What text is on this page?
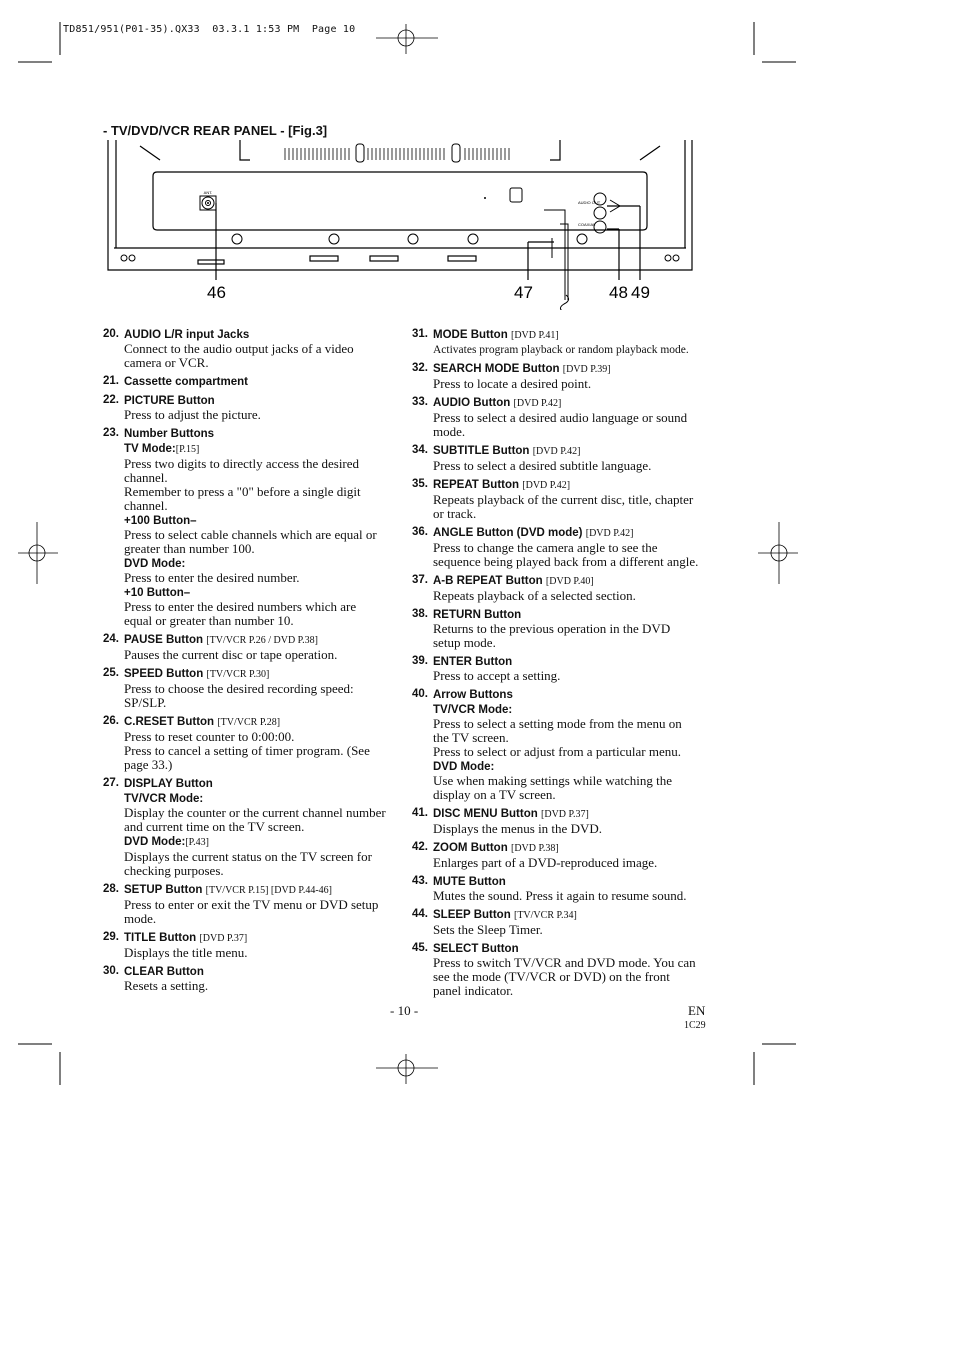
TD851/951(P01-35).QX33  03.3.1 1:53 PM  Page 10
- TV/DVD/VCR REAR PANEL - [Fig.3]
ANT.
AUDIO OUT
COAXIAL
46	47	48 49
20. AUDIO L/R input Jacks
Connect to the audio output jacks of a video
camera or VCR.
21. Cassette compartment
22. PICTURE Button
Press to adjust the picture.
23. Number Buttons
TV Mode:[P.15]
Press two digits to directly access the desired
channel.
Remember to press a "0" before a single digit
channel.
+100 Button–
Press to select cable channels which are equal or
greater than number 100.
DVD Mode:
Press to enter the desired number.
+10 Button–
Press to enter the desired numbers which are
equal or greater than number 10.
24. PAUSE Button [TV/VCR P.26 / DVD P.38]
Pauses the current disc or tape operation.
25. SPEED Button [TV/VCR P.30]
Press to choose the desired recording speed:
SP/SLP.
26. C.RESET Button [TV/VCR P.28]
Press to reset counter to 0:00:00.
Press to cancel a setting of timer program. (See
page 33.)
27. DISPLAY Button
TV/VCR Mode:
Display the counter or the current channel number
and current time on the TV screen.
DVD Mode:[P.43]
Displays the current status on the TV screen for
checking purposes.
28. SETUP Button [TV/VCR P.15] [DVD P.44-46]
Press to enter or exit the TV menu or DVD setup
mode.
29. TITLE Button [DVD P.37]
Displays the title menu.
30. CLEAR Button
Resets a setting.
31. MODE Button [DVD P.41]
Activates program playback or random playback mode.
32. SEARCH MODE Button [DVD P.39]
Press to locate a desired point.
33. AUDIO Button [DVD P.42]
Press to select a desired audio language or sound
mode.
34. SUBTITLE Button [DVD P.42]
Press to select a desired subtitle language.
35. REPEAT Button [DVD P.42]
Repeats playback of the current disc, title, chapter
or track.
36. ANGLE Button (DVD mode) [DVD P.42]
Press to change the camera angle to see the
sequence being played back from a different angle.
37. A-B REPEAT Button [DVD P.40]
Repeats playback of a selected section.
38. RETURN Button
Returns to the previous operation in the DVD
setup mode.
39. ENTER Button
Press to accept a setting.
40. Arrow Buttons
TV/VCR Mode:
Press to select a setting mode from the menu on
the TV screen.
Press to select or adjust from a particular menu.
DVD Mode:
Use when making settings while watching the
display on a TV screen.
41. DISC MENU Button [DVD P.37]
Displays the menus in the DVD.
42. ZOOM Button [DVD P.38]
Enlarges part of a DVD-reproduced image.
43. MUTE Button
Mutes the sound. Press it again to resume sound.
44. SLEEP Button [TV/VCR P.34]
Sets the Sleep Timer.
45. SELECT Button
Press to switch TV/VCR and DVD mode. You can
see the mode (TV/VCR or DVD) on the front
panel indicator.
- 10 -	EN
1C29
